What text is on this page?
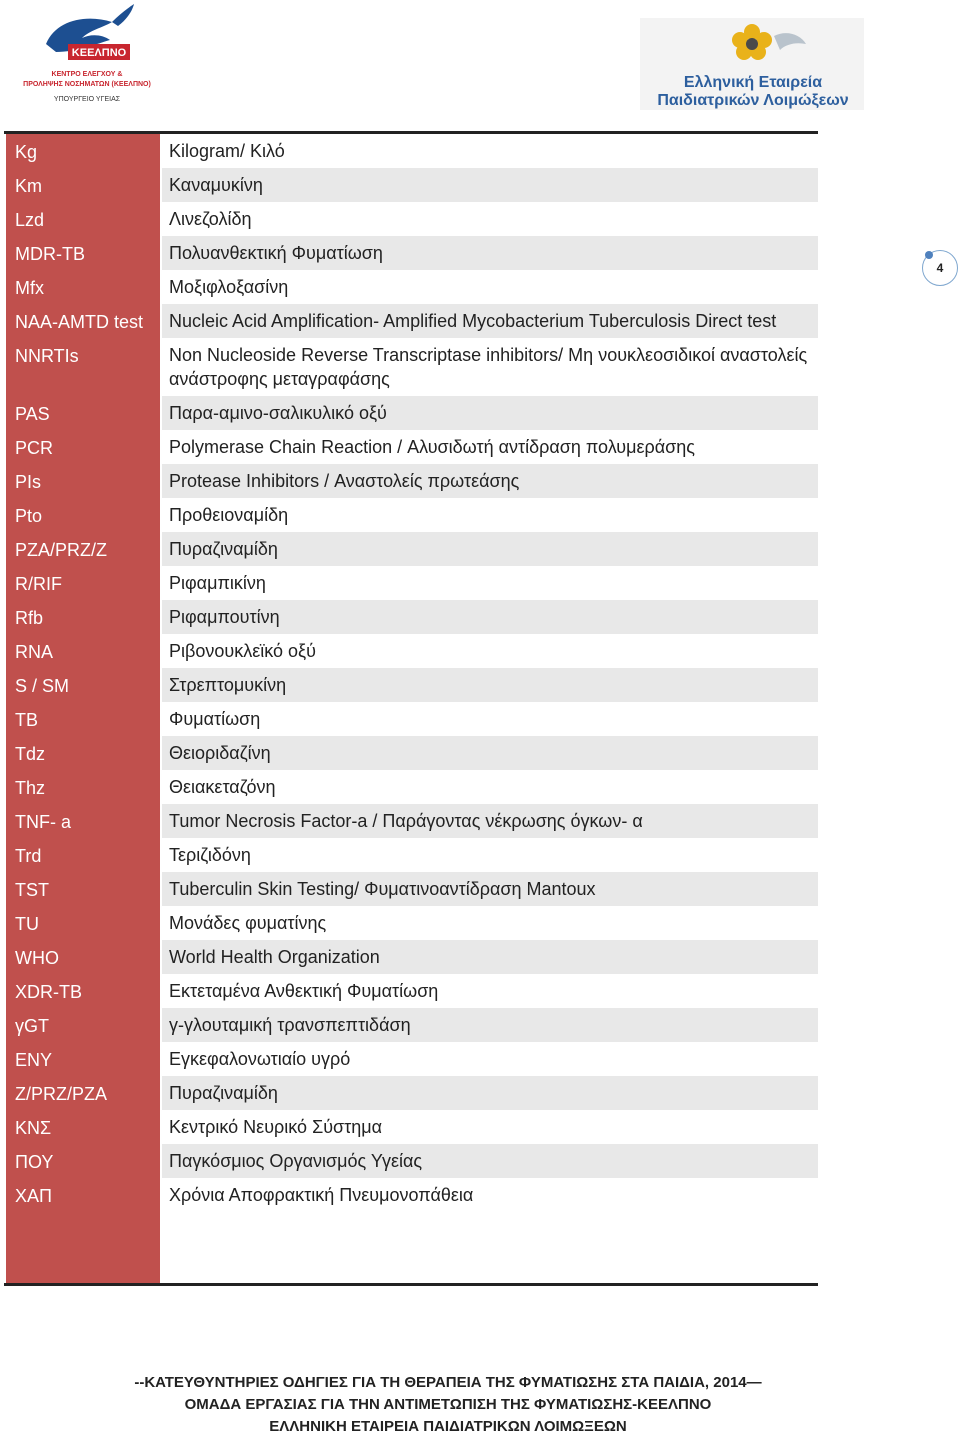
ΚΕΕΛΠΝΟ
ΚΕΝΤΡΟ ΕΛΕΓΧΟΥ &
ΠΡΟΛΗΨΗΣ ΝΟΣΗΜΑΤΩΝ (ΚΕΕΛΠΝΟ)
ΥΠΟΥΡΓΕΙΟ ΥΓΕΙΑΣ
Ελληνική Εταιρεία
Παιδιατρικών Λοιμώξεων
4
Kg	Kilogram/ Κιλό
Km	Καναμυκίνη
Lzd	Λινεζολίδη
MDR-TB	Πολυανθεκτική Φυματίωση
Mfx	Μοξιφλοξασίνη
NAA-AMTD test	Nucleic Acid Amplification- Amplified Mycobacterium Tuberculosis Direct test
NNRTIs	Non Nucleoside Reverse Transcriptase inhibitors/ Μη νουκλεοσιδικοί αναστολείς ανάστροφης μεταγραφάσης
PAS	Παρα-αμινο-σαλικυλικό οξύ
PCR	Polymerase Chain Reaction / Αλυσιδωτή αντίδραση πολυμεράσης
PIs	Protease Inhibitors / Αναστολείς πρωτεάσης
Pto	Προθειοναμίδη
PZA/PRZ/Z	Πυραζιναμίδη
R/RIF	Ριφαμπικίνη
Rfb	Ριφαμπουτίνη
RNA	Ριβονουκλεϊκό οξύ
S / SM	Στρεπτομυκίνη
TB	Φυματίωση
Tdz	Θειοριδαζίνη
Thz	Θειακεταζόνη
TNF- a	Tumor Necrosis Factor-a / Παράγοντας νέκρωσης όγκων- α
Trd	Τεριζιδόνη
TST	Tuberculin Skin Testing/ Φυματινοαντίδραση Mantoux
TU	Μονάδες φυματίνης
WHO	World Health Organization
XDR-TB	Εκτεταμένα Ανθεκτική Φυματίωση
γGT	γ-γλουταμική τρανσπεπτιδάση
ENY	Εγκεφαλονωτιαίο υγρό
Z/PRZ/PZA	Πυραζιναμίδη
ΚΝΣ	Κεντρικό Νευρικό Σύστημα
ΠΟΥ	Παγκόσμιος Οργανισμός Υγείας
ΧΑΠ	Χρόνια Αποφρακτική Πνευμονοπάθεια
--ΚΑΤΕΥΘΥΝΤΗΡΙΕΣ ΟΔΗΓΙΕΣ ΓΙΑ ΤΗ ΘΕΡΑΠΕΙΑ ΤΗΣ ΦΥΜΑΤΙΩΣΗΣ ΣΤΑ ΠΑΙΔΙΑ, 2014—
ΟΜΑΔΑ ΕΡΓΑΣΙΑΣ ΓΙΑ ΤΗΝ ΑΝΤΙΜΕΤΩΠΙΣΗ ΤΗΣ ΦΥΜΑΤΙΩΣΗΣ-ΚΕΕΛΠΝΟ
ΕΛΛΗΝΙΚΗ ΕΤΑΙΡΕΙΑ ΠΑΙΔΙΑΤΡΙΚΩΝ ΛΟΙΜΩΞΕΩΝ
